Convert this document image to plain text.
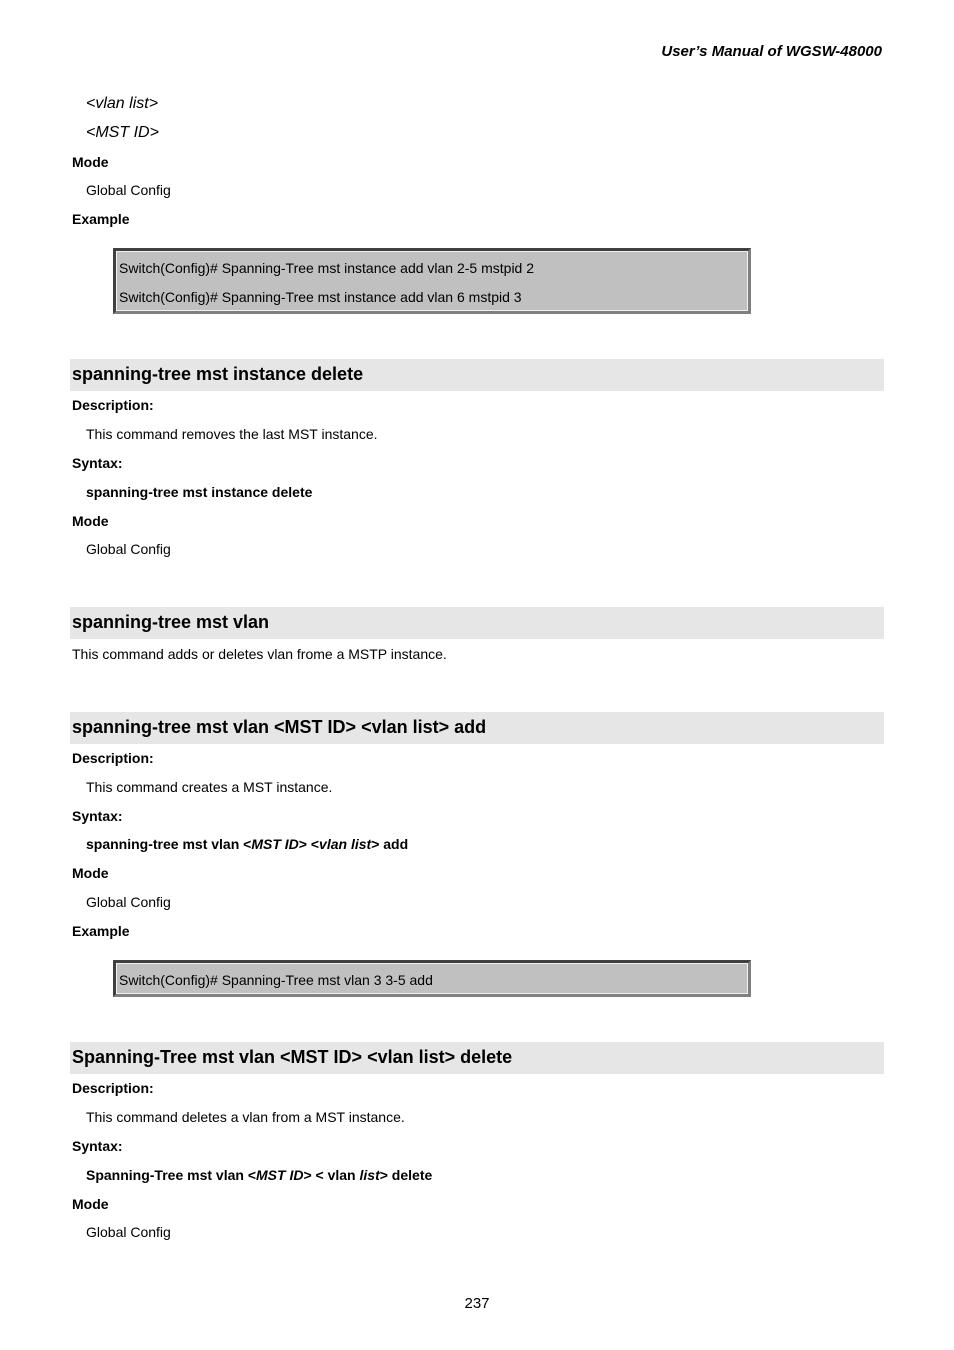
User’s Manual of WGSW-48000
<vlan list>
<MST ID>
Mode
Global Config
Example
Switch(Config)# Spanning-Tree mst instance add vlan 2-5 mstpid 2
Switch(Config)# Spanning-Tree mst instance add vlan 6 mstpid 3
spanning-tree mst instance delete
Description:
This command removes the last MST instance.
Syntax:
spanning-tree mst instance delete
Mode
Global Config
spanning-tree mst vlan
This command adds or deletes vlan frome a MSTP instance.
spanning-tree mst vlan <MST ID> <vlan list> add
Description:
This command creates a MST instance.
Syntax:
spanning-tree mst vlan <MST ID> <vlan list> add
Mode
Global Config
Example
Switch(Config)# Spanning-Tree mst vlan 3 3-5 add
Spanning-Tree mst vlan <MST ID> <vlan list> delete
Description:
This command deletes a vlan from a MST instance.
Syntax:
Spanning-Tree mst vlan <MST ID> < vlan list> delete
Mode
Global Config
237
